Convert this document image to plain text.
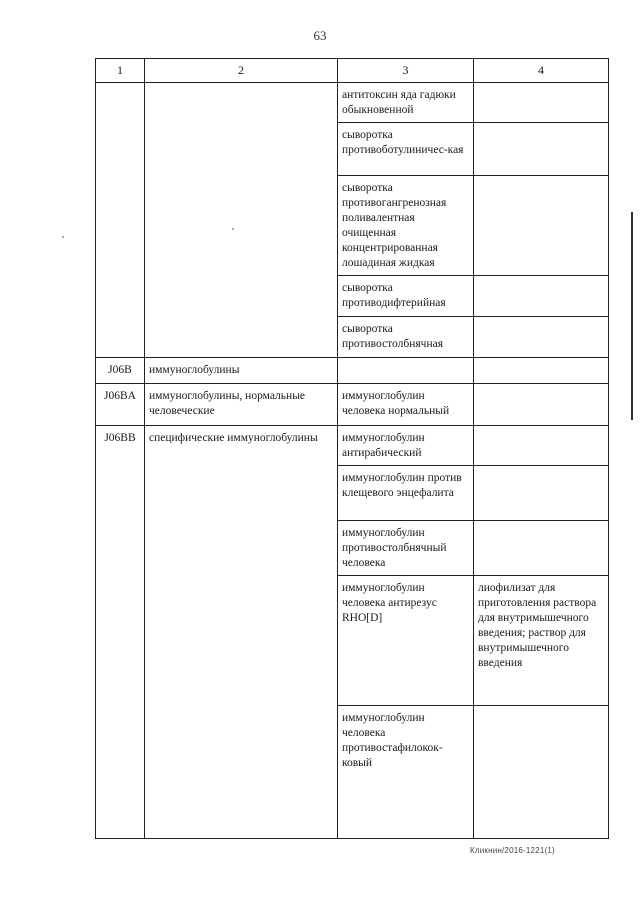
63
1	2	3	4
		антитоксин яда гадюки обыкновенной	
		сыворотка противоботулиничес-кая	
		сыворотка противогангренозная поливалентная очищенная концентрированная лошадиная жидкая	
		сыворотка противодифтерийная	
		сыворотка противостолбнячная	
J06B	иммуноглобулины		
J06BA	иммуноглобулины, нормальные человеческие	иммуноглобулин человека нормальный	
J06BB	специфические иммуноглобулины	иммуноглобулин антирабический	
		иммуноглобулин против клещевого энцефалита	
		иммуноглобулин противостолбнячный человека	
		иммуноглобулин человека антирезус RHO[D]	лиофилизат для приготовления раствора для внутримышечного введения; раствор для внутримышечного введения
		иммуноглобулин человека противостафилокок-ковый	
Кликнин/2016-1221(1)
